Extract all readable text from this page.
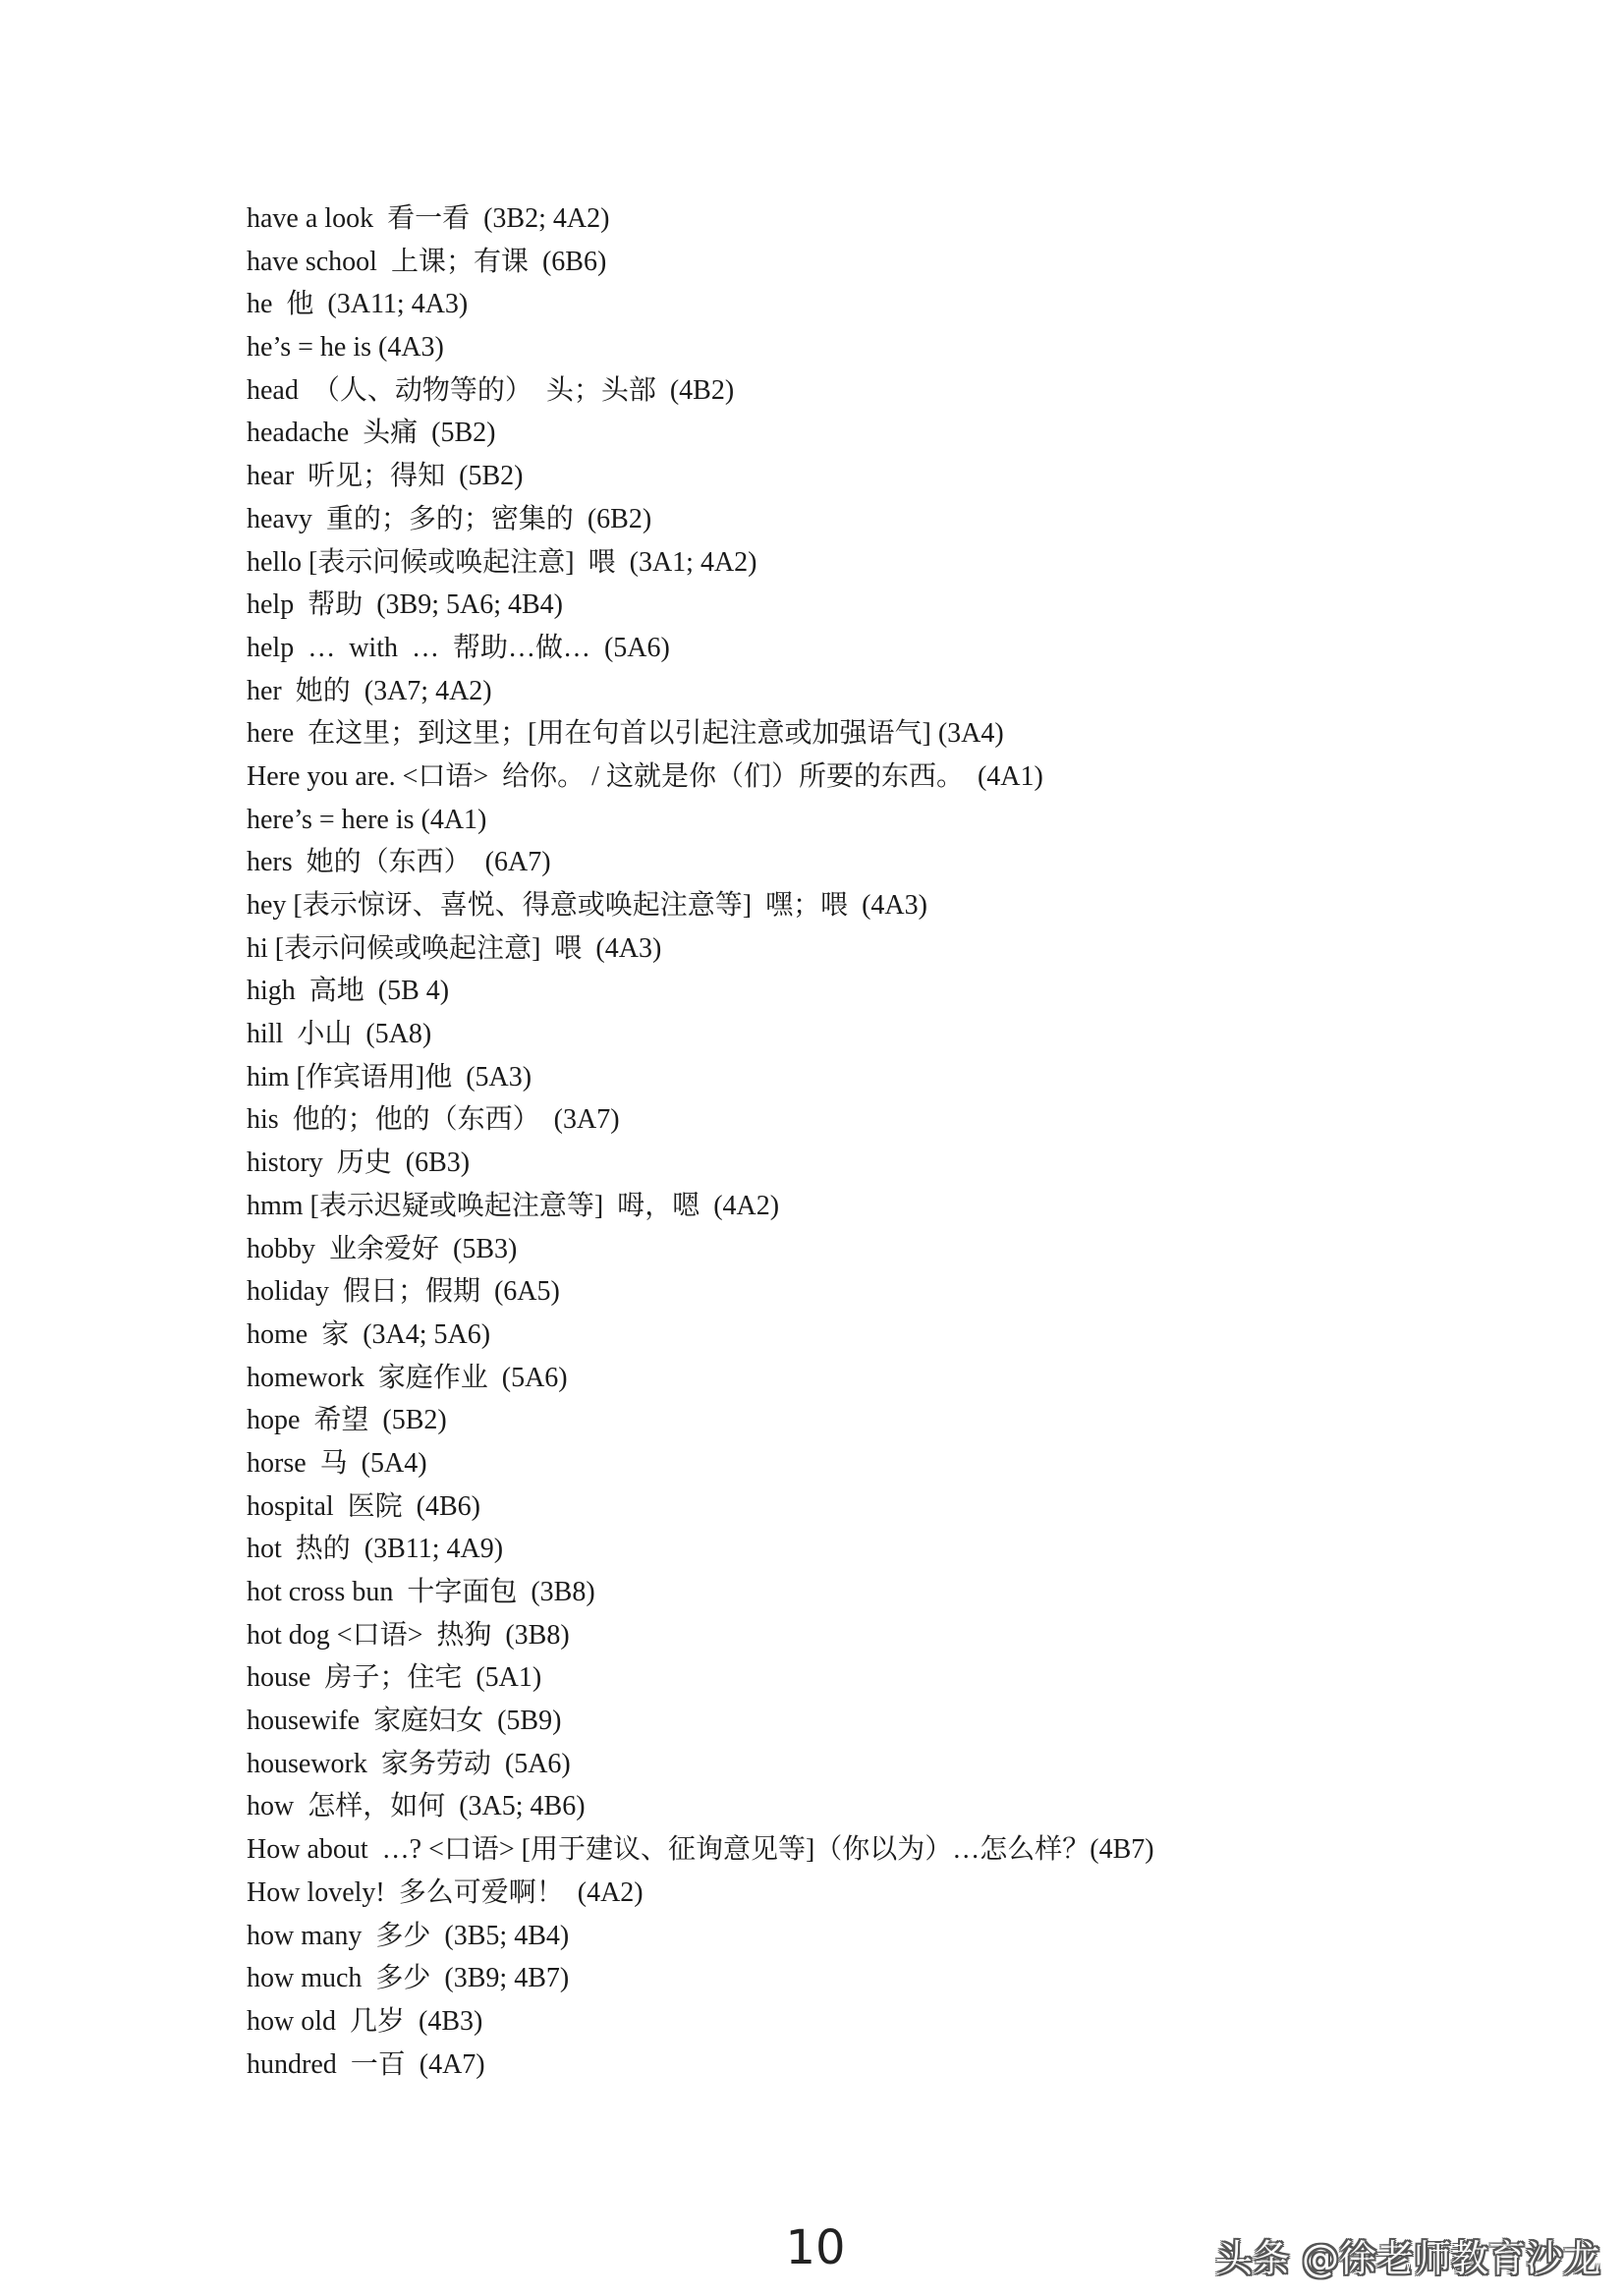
have a look  看一看  (3B2; 4A2)
have school  上课；有课  (6B6)
he  他  (3A11; 4A3)
he’s = he is (4A3)
head  （人、动物等的）  头；头部  (4B2)
headache  头痛  (5B2)
hear  听见；得知  (5B2)
heavy  重的；多的；密集的  (6B2)
hello [表示问候或唤起注意]  喂  (3A1; 4A2)
help  帮助  (3B9; 5A6; 4B4)
help  …  with  …  帮助…做…  (5A6)
her  她的  (3A7; 4A2)
here  在这里；到这里；[用在句首以引起注意或加强语气] (3A4)
Here you are. <口语>  给你。 / 这就是你（们）所要的东西。  (4A1)
here’s = here is (4A1)
hers  她的（东西）  (6A7)
hey [表示惊讶、喜悦、得意或唤起注意等]  嘿；喂  (4A3)
hi [表示问候或唤起注意]  喂  (4A3)
high  高地  (5B 4)
hill  小山  (5A8)
him [作宾语用]他  (5A3)
his  他的；他的（东西）  (3A7)
history  历史  (6B3)
hmm [表示迟疑或唤起注意等]  呣，嗯  (4A2)
hobby  业余爱好  (5B3)
holiday  假日；假期  (6A5)
home  家  (3A4; 5A6)
homework  家庭作业  (5A6)
hope  希望  (5B2)
horse  马  (5A4)
hospital  医院  (4B6)
hot  热的  (3B11; 4A9)
hot cross bun  十字面包  (3B8)
hot dog <口语>  热狗  (3B8)
house  房子；住宅  (5A1)
housewife  家庭妇女  (5B9)
housework  家务劳动  (5A6)
how  怎样，如何  (3A5; 4B6)
How about  …? <口语> [用于建议、征询意见等]（你以为）…怎么样？(4B7)
How lovely!  多么可爱啊！  (4A2)
how many  多少  (3B5; 4B4)
how much  多少  (3B9; 4B7)
how old  几岁  (4B3)
hundred  一百  (4A7)
10	头条 @徐老师教育沙龙
